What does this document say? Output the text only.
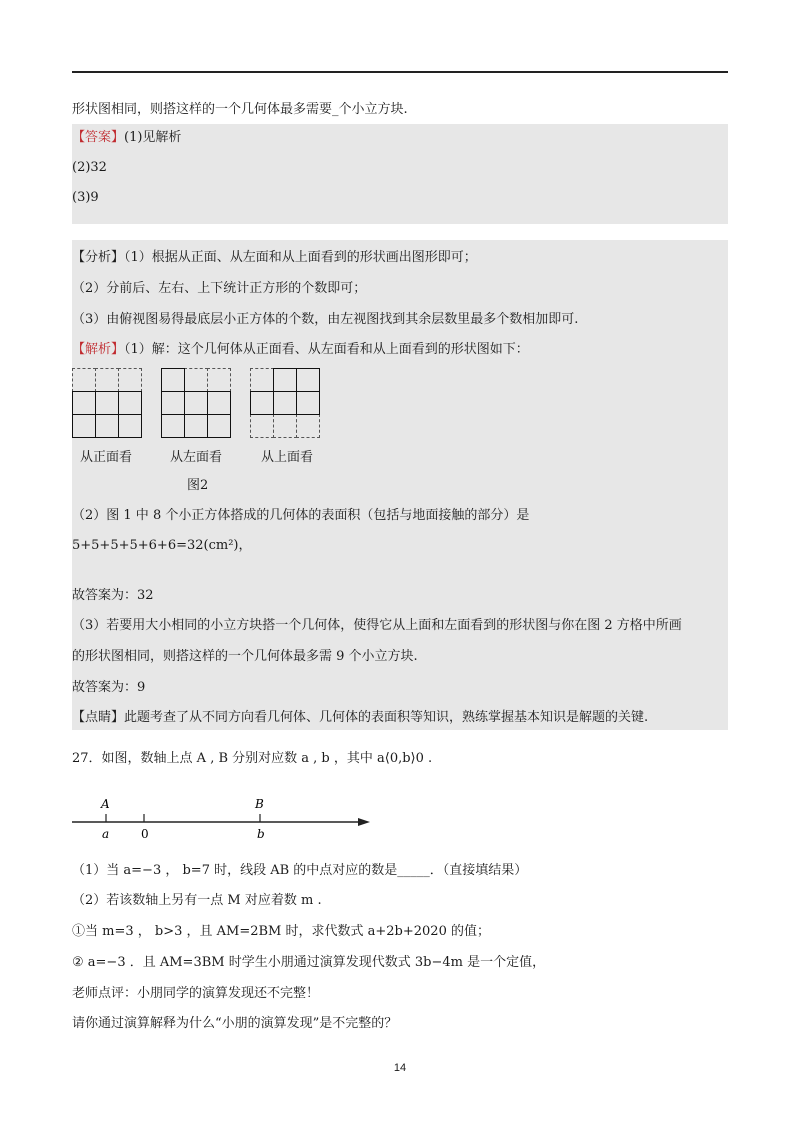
形状图相同，则搭这样的一个几何体最多需要_个小立方块.
【答案】(1)见解析
(2)32
(3)9
【分析】（1）根据从正面、从左面和从上面看到的形状画出图形即可；
（2）分前后、左右、上下统计正方形的个数即可；
（3）由俯视图易得最底层小正方体的个数，由左视图找到其余层数里最多个数相加即可.
【解析】（1）解：这个几何体从正面看、从左面看和从上面看到的形状图如下：
从正面看	从左面看	从上面看
图2
（2）图 1 中 8 个小正方体搭成的几何体的表面积（包括与地面接触的部分）是
5+5+5+5+6+6=32(cm²)，
故答案为：32
（3）若要用大小相同的小立方块搭一个几何体，使得它从上面和左面看到的形状图与你在图 2 方格中所画
的形状图相同，则搭这样的一个几何体最多需 9 个小立方块.
故答案为：9
【点睛】此题考查了从不同方向看几何体、几何体的表面积等知识，熟练掌握基本知识是解题的关键.
27．如图，数轴上点 A , B 分别对应数 a , b ，其中 a⟨0,b⟩0 .
A	B
a	0	b
（1）当 a=−3 ， b=7 时，线段 AB 的中点对应的数是_____．（直接填结果）
（2）若该数轴上另有一点 M 对应着数 m .
①当 m=3 ， b>3 ，且 AM=2BM 时，求代数式 a+2b+2020 的值；
② a=−3 ．且 AM=3BM 时学生小朋通过演算发现代数式 3b−4m 是一个定值，
老师点评：小朋同学的演算发现还不完整！
请你通过演算解释为什么“小朋的演算发现”是不完整的？
14
